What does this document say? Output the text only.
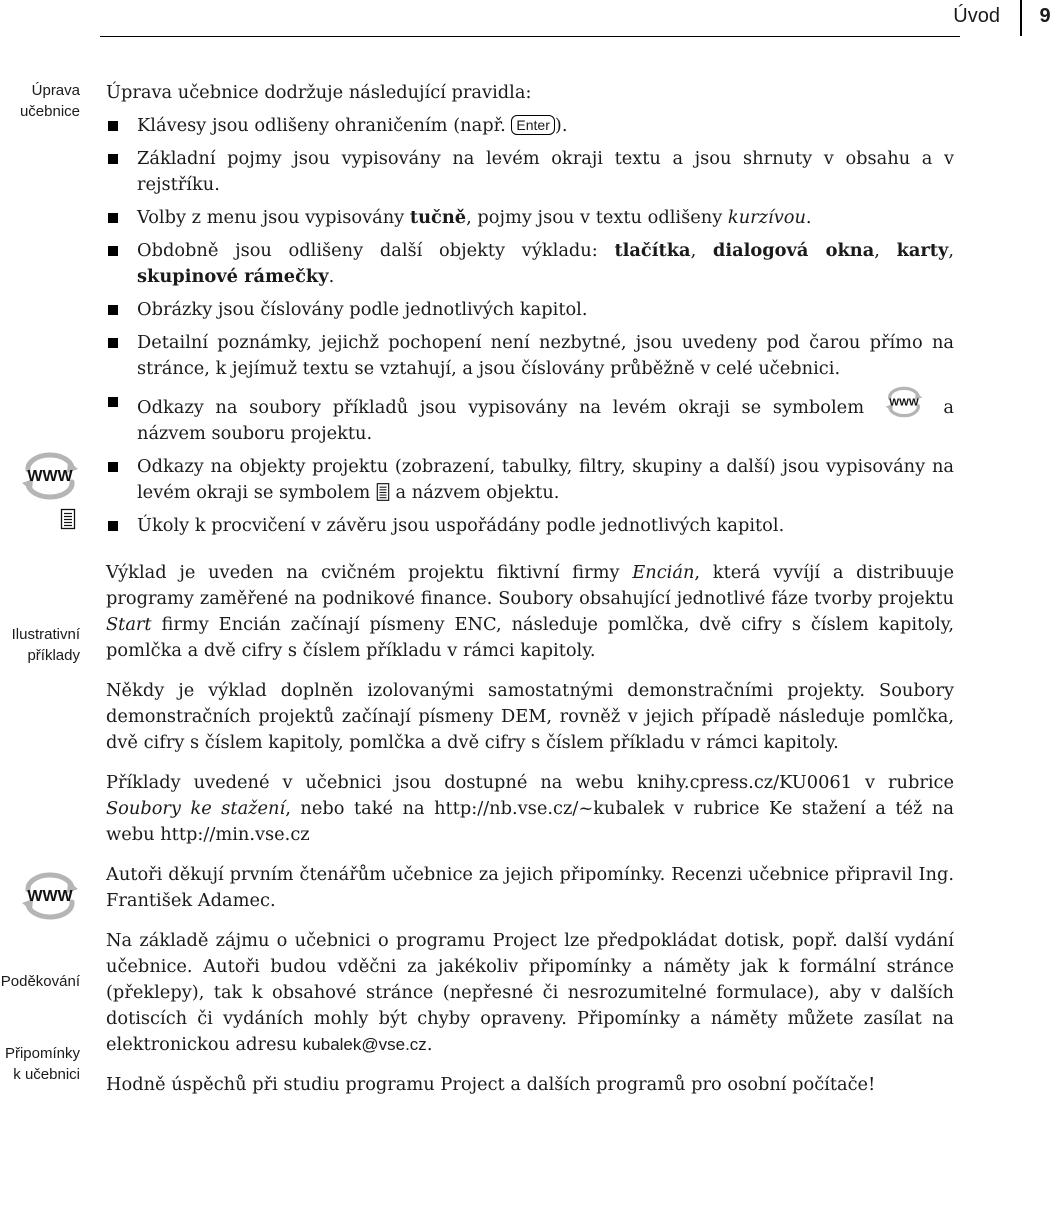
Úvod	9
Úprava
učebnice
Ilustrativní
příklady
Poděkování
Připomínky
k učebnici

Úprava učebnice dodržuje následující pravidla:

Klávesy jsou odlišeny ohraničením (např. Enter ).
Základní pojmy jsou vypisovány na levém okraji textu a jsou shrnuty v obsahu a v rejstříku.
Volby z menu jsou vypisovány tučně, pojmy jsou v textu odlišeny kurzívou.
Obdobně jsou odlišeny další objekty výkladu: tlačítka, dialogová okna, karty, skupinové rámečky.
Obrázky jsou číslovány podle jednotlivých kapitol.
Detailní poznámky, jejichž pochopení není nezbytné, jsou uvedeny pod čarou přímo na stránce, k jejímuž textu se vztahují, a jsou číslovány průběžně v celé učebnici.
Odkazy na soubory příkladů jsou vypisovány na levém okraji se symbolem	a názvem souboru projektu.
Odkazy na objekty projektu (zobrazení, tabulky, filtry, skupiny a další) jsou vypisovány na levém okraji se symbolem  a názvem objektu.
Úkoly k procvičení v závěru jsou uspořádány podle jednotlivých kapitol.

Výklad je uveden na cvičném projektu fiktivní firmy Encián, která vyvíjí a distribuuje programy zaměřené na podnikové finance. Soubory obsahující jednotlivé fáze tvorby projektu Start firmy Encián začínají písmeny ENC, následuje pomlčka, dvě cifry s číslem kapitoly, pomlčka a dvě cifry s číslem příkladu v rámci kapitoly.

Někdy je výklad doplněn izolovanými samostatnými demonstračními projekty. Soubory demonstračních projektů začínají písmeny DEM, rovněž v jejich případě následuje pomlčka, dvě cifry s číslem kapitoly, pomlčka a dvě cifry s číslem příkladu v rámci kapitoly.

Příklady uvedené v učebnici jsou dostupné na webu knihy.cpress.cz/KU0061 v rubrice Soubory ke stažení, nebo také na http://nb.vse.cz/~kubalek v rubrice Ke stažení a též na webu http://min.vse.cz

Autoři děkují prvním čtenářům učebnice za jejich připomínky. Recenzi učebnice připravil Ing. František Adamec.

Na základě zájmu o učebnici o programu Project lze předpokládat dotisk, popř. další vydání učebnice. Autoři budou vděčni za jakékoliv připomínky a náměty jak k formální stránce (překlepy), tak k obsahové stránce (nepřesné či nesrozumitelné formulace), aby v dalších dotiscích či vydáních mohly být chyby opraveny. Připomínky a náměty můžete zasílat na elektronickou adresu kubalek@vse.cz.

Hodně úspěchů při studiu programu Project a dalších programů pro osobní počítače!
